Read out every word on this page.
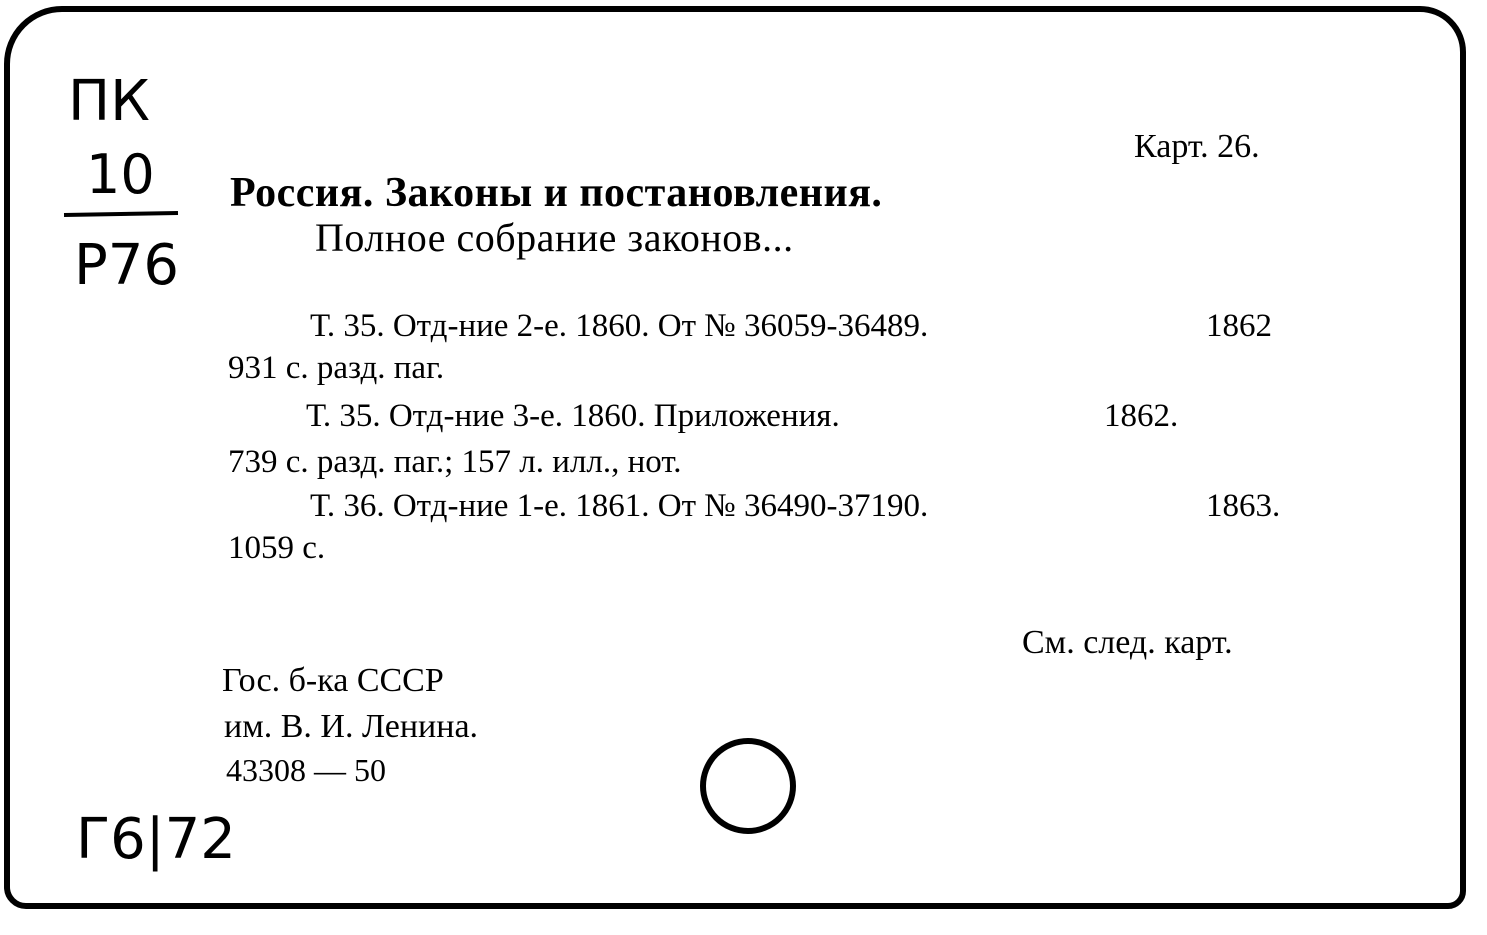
Карт. 26.
Россия. Законы и постановления.
Полное собрание законов...
Т. 35. Отд-ние 2-е. 1860. От № 36059-36489.	1862
931 с. разд. паг.
Т. 35. Отд-ние 3-е. 1860. Приложения.	1862.
739 с. разд. паг.; 157 л. илл., нот.
Т. 36. Отд-ние 1-е. 1861. От № 36490-37190.	1863.
1059 с.
См. след. карт.
Гос. б-ка СССР
им. В. И. Ленина.
43308 — 50
ПК
10
Р76
Г6|72
